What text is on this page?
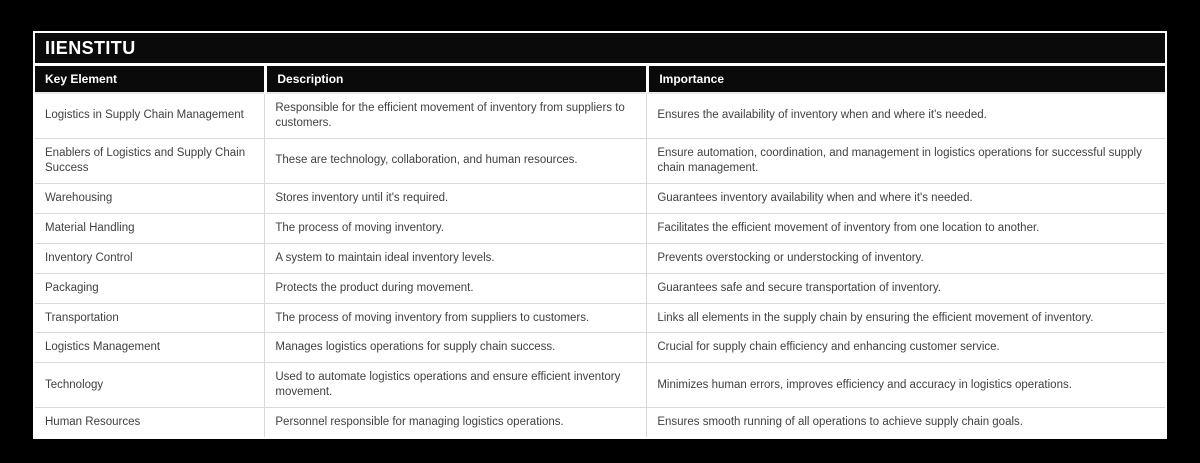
IIENSTITU
Key Element	Description	Importance
Logistics in Supply Chain Management	Responsible for the efficient movement of inventory from suppliers to customers.	Ensures the availability of inventory when and where it's needed.
Enablers of Logistics and Supply Chain Success	These are technology, collaboration, and human resources.	Ensure automation, coordination, and management in logistics operations for successful supply chain management.
Warehousing	Stores inventory until it's required.	Guarantees inventory availability when and where it's needed.
Material Handling	The process of moving inventory.	Facilitates the efficient movement of inventory from one location to another.
Inventory Control	A system to maintain ideal inventory levels.	Prevents overstocking or understocking of inventory.
Packaging	Protects the product during movement.	Guarantees safe and secure transportation of inventory.
Transportation	The process of moving inventory from suppliers to customers.	Links all elements in the supply chain by ensuring the efficient movement of inventory.
Logistics Management	Manages logistics operations for supply chain success.	Crucial for supply chain efficiency and enhancing customer service.
Technology	Used to automate logistics operations and ensure efficient inventory movement.	Minimizes human errors, improves efficiency and accuracy in logistics operations.
Human Resources	Personnel responsible for managing logistics operations.	Ensures smooth running of all operations to achieve supply chain goals.
